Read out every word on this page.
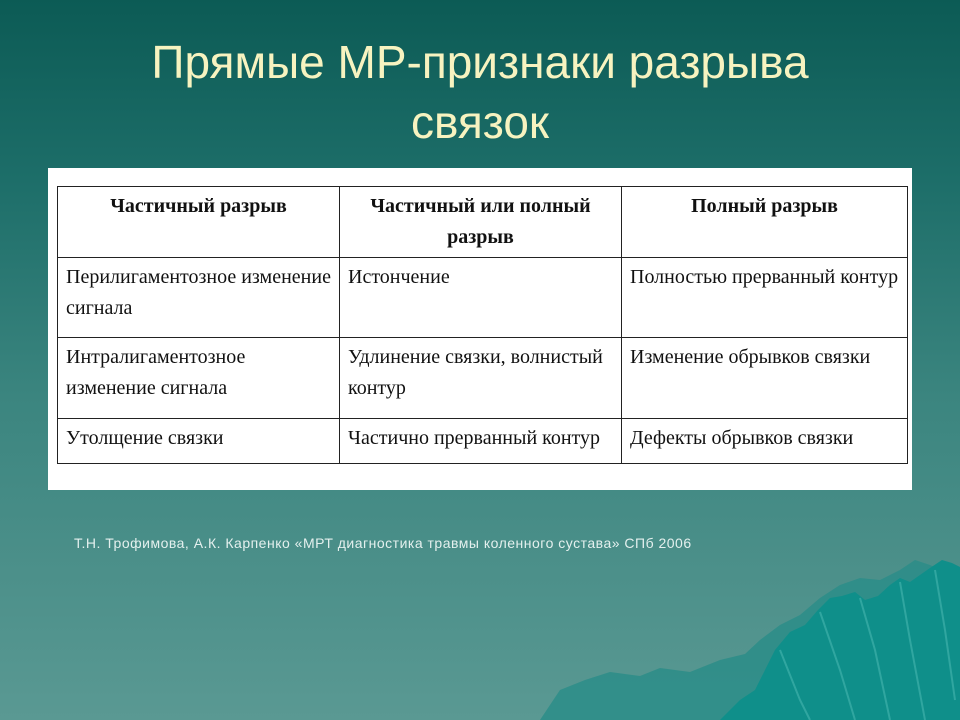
Прямые МР-признаки разрыва
связок
Частичный разрыв	Частичный или полный разрыв	Полный разрыв
Перилигаментозное изменение сигнала	Истончение	Полностью прерванный контур
Интралигаментозное изменение сигнала	Удлинение связки, волнистый контур	Изменение обрывков связки
Утолщение связки	Частично прерванный контур	Дефекты обрывков связки
Т.Н. Трофимова, А.К. Карпенко «МРТ диагностика травмы коленного сустава» СПб 2006
